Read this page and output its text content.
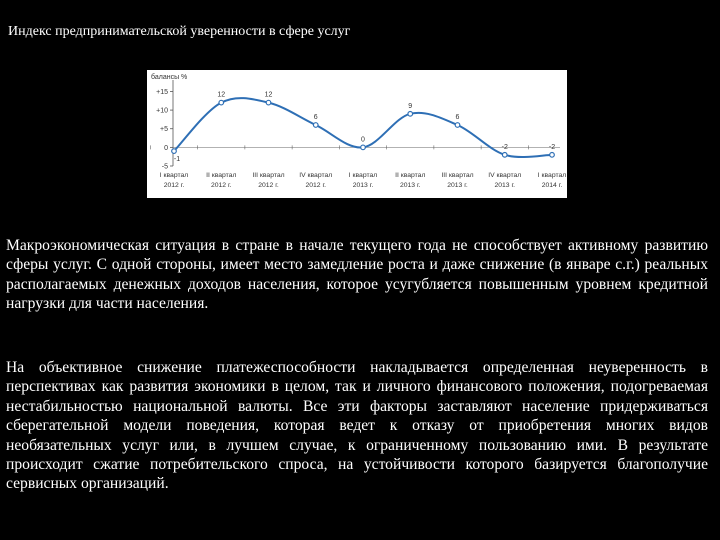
Индекс предпринимательской уверенности в сфере услуг
балансы %
-5
0
+5
+10
+15
-1
12	12
6
0
9
6
-2	-2
I квартал
2012 г.
II квартал
2012 г.
III квартал
2012 г.
IV квартал
2012 г.
I квартал
2013 г.
II квартал
2013 г.
III квартал
2013 г.
IV квартал
2013 г.
I квартал
2014 г.

Макроэкономическая ситуация в стране в начале текущего года не способствует активному развитию сферы услуг. С одной стороны, имеет место замедление роста и даже снижение (в январе с.г.) реальных располагаемых денежных доходов населения, которое усугубляется повышенным уровнем кредитной нагрузки для части населения.

На объективное снижение платежеспособности накладывается определенная неуверенность в перспективах как развития экономики в целом, так и личного финансового положения, подогреваемая нестабильностью национальной валюты. Все эти факторы заставляют население придерживаться сберегательной модели поведения, которая ведет к отказу от приобретения многих видов необязательных услуг или, в лучшем случае, к ограниченному пользованию ими. В результате происходит сжатие потребительского спроса, на устойчивости которого базируется благополучие сервисных организаций.
